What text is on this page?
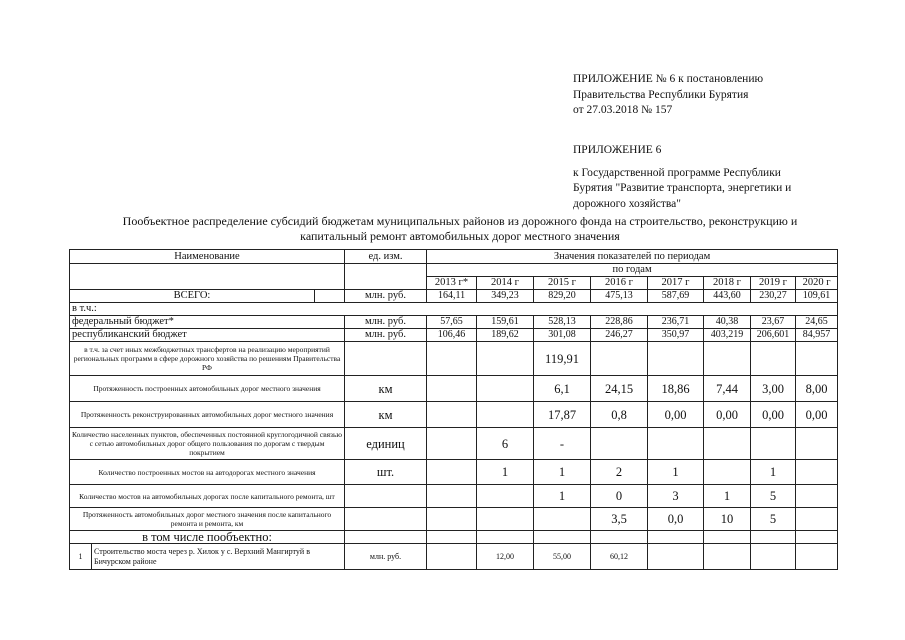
ПРИЛОЖЕНИЕ № 6 к постановлению
Правительства Республики Бурятия
от 27.03.2018 № 157
ПРИЛОЖЕНИЕ 6
к Государственной программе Республики
Бурятия "Развитие транспорта, энергетики и
дорожного хозяйства"
Пообъектное распределение субсидий бюджетам муниципальных районов из дорожного фонда на строительство, реконструкцию и
капитальный ремонт автомобильных дорог местного значения
Наименование			ед. изм.	Значения показателей по периодам							
				по годам							
				2013 г*	2014 г	2015 г	2016 г	2017 г	2018 г	2019 г	2020 г
ВСЕГО:			млн. руб.	164,11	349,23	829,20	475,13	587,69	443,60	230,27	109,61
в т.ч.:											
федеральный бюджет*			млн. руб.	57,65	159,61	528,13	228,86	236,71	40,38	23,67	24,65
республиканский бюджет			млн. руб.	106,46	189,62	301,08	246,27	350,97	403,219	206,601	84,957
в т.ч. за счет иных межбюджетных трансфертов на реализацию мероприятий региональных программ в сфере дорожного хозяйства по решениям Правительства РФ						119,91					
Протяженность построенных автомобильных дорог местного значения			км			6,1	24,15	18,86	7,44	3,00	8,00
Протяженность реконструированных автомобильных дорог местного значения			км			17,87	0,8	0,00	0,00	0,00	0,00
Количество населенных пунктов, обеспеченных постоянной круглогодичной связью с сетью автомобильных дорог общего пользования по дорогам с твердым покрытием			единиц		6	-					
Количество построенных мостов на автодорогах местного значения			шт.		1	1	2	1		1	
Количество мостов на автомобильных дорогах после капитального ремонта, шт						1	0	3	1	5	
Протяженность автомобильных дорог местного значения после капитального ремонта и ремонта, км							3,5	0,0	10	5	
в том числе пообъектно:											
1	Строительство моста через р. Хилок у с. Верхний Мангиртуй в Бичурском районе		млн. руб.		12,00	55,00	60,12				
